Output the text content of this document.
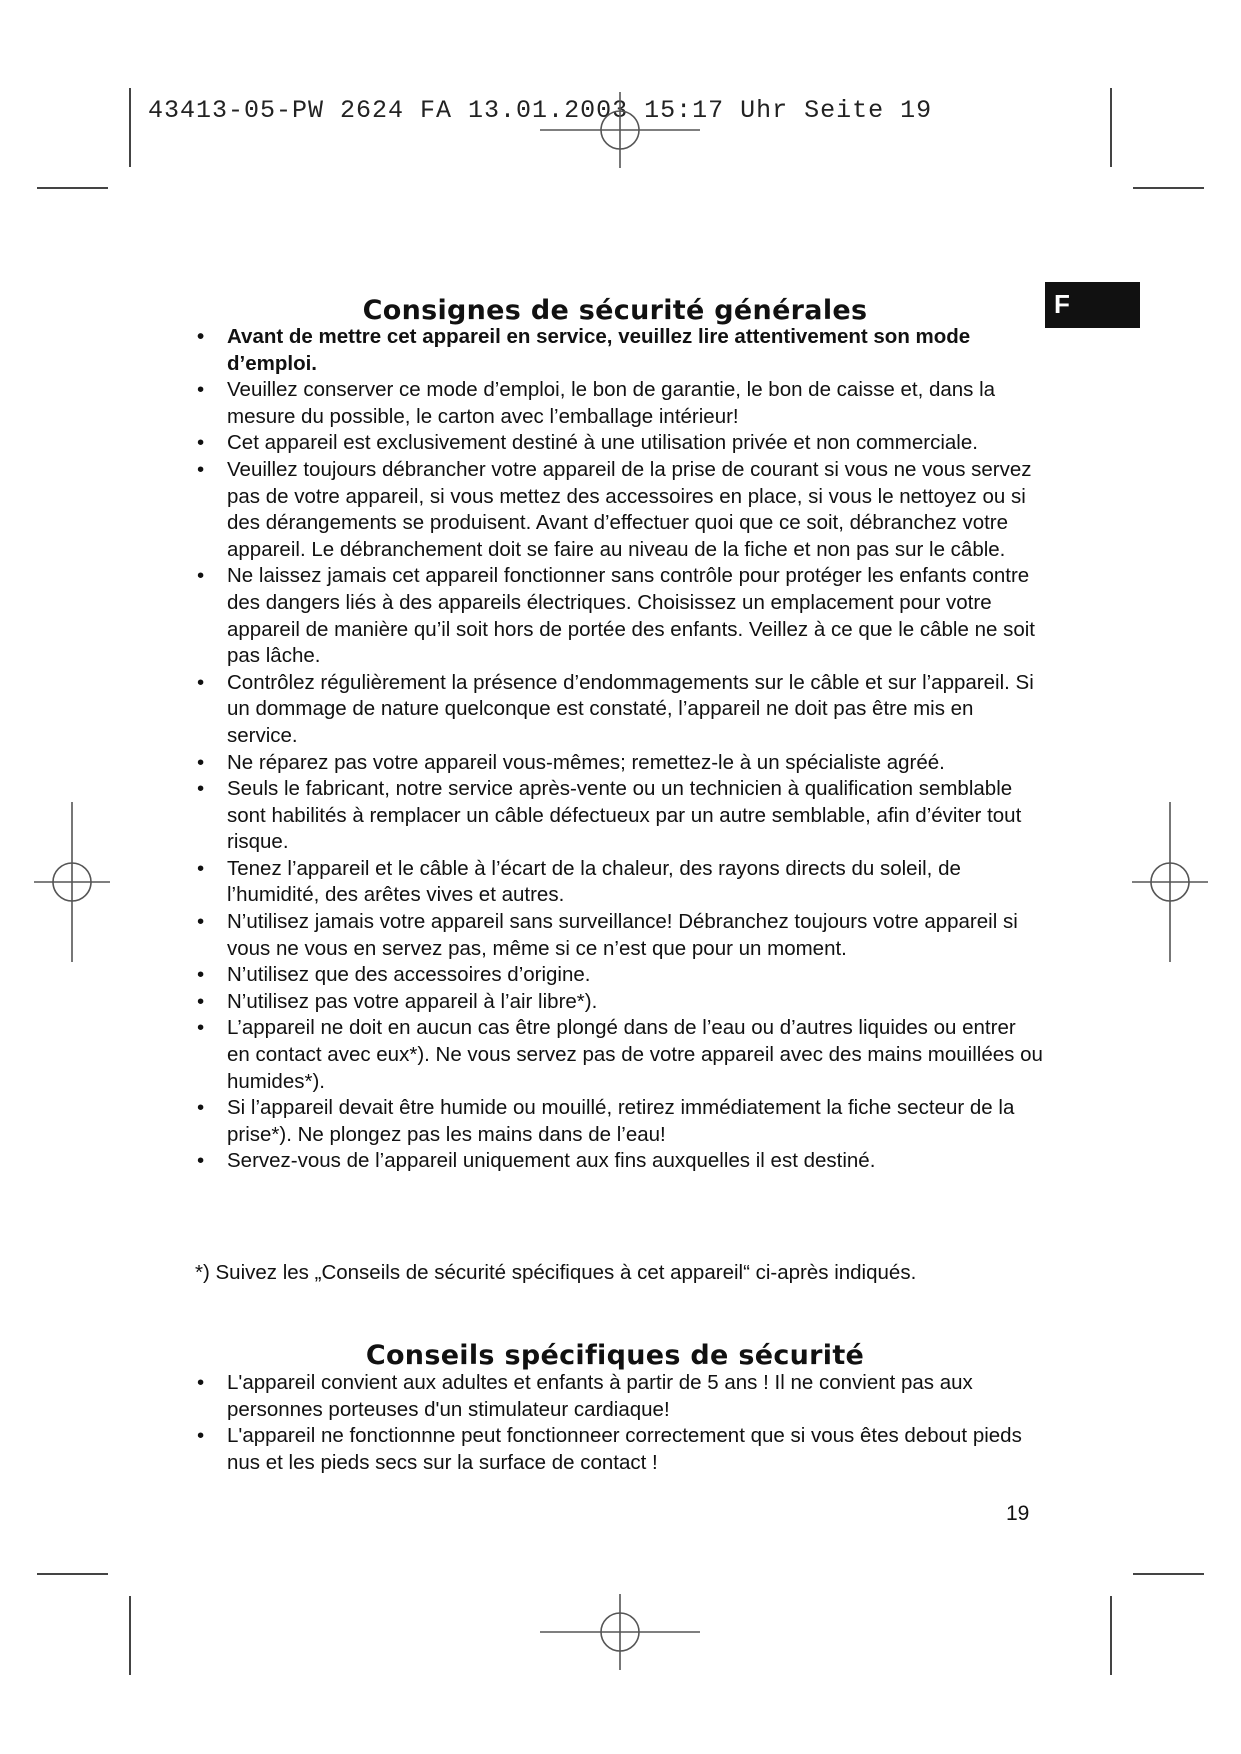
43413-05-PW 2624 FA 13.01.2003 15:17 Uhr Seite 19
F
Consignes de sécurité générales
• Avant de mettre cet appareil en service, veuillez lire attentivement son mode d’emploi.
• Veuillez conserver ce mode d’emploi, le bon de garantie, le bon de caisse et, dans la mesure du possible, le carton avec l’emballage intérieur!
• Cet appareil est exclusivement destiné à une utilisation privée et non commerciale.
• Veuillez toujours débrancher votre appareil de la prise de courant si vous ne vous servez pas de votre appareil, si vous mettez des accessoires en place, si vous le nettoyez ou si des dérangements se produisent. Avant d’effectuer quoi que ce soit, débranchez votre appareil. Le débranchement doit se faire au niveau de la fiche et non pas sur le câble.
• Ne laissez jamais cet appareil fonctionner sans contrôle pour protéger les enfants contre des dangers liés à des appareils électriques. Choisissez un emplacement pour votre appareil de manière qu’il soit hors de portée des enfants. Veillez à ce que le câble ne soit pas lâche.
• Contrôlez régulièrement la présence d’endommagements sur le câble et sur l’appareil. Si un dommage de nature quelconque est constaté, l’appareil ne doit pas être mis en service.
• Ne réparez pas votre appareil vous-mêmes; remettez-le à un spécialiste agréé.
• Seuls le fabricant, notre service après-vente ou un technicien à qualification semblable sont habilités à remplacer un câble défectueux par un autre semblable, afin d’éviter tout risque.
• Tenez l’appareil et le câble à l’écart de la chaleur, des rayons directs du soleil, de l’humidité, des arêtes vives et autres.
• N’utilisez jamais votre appareil sans surveillance! Débranchez toujours votre appareil si vous ne vous en servez pas, même si ce n’est que pour un moment.
• N’utilisez que des accessoires d’origine.
• N’utilisez pas votre appareil à l’air libre*).
• L’appareil ne doit en aucun cas être plongé dans de l’eau ou d’autres liquides ou entrer en contact avec eux*). Ne vous servez pas de votre appareil avec des mains mouillées ou humides*).
• Si l’appareil devait être humide ou mouillé, retirez immédiatement la fiche secteur de la prise*). Ne plongez pas les mains dans de l’eau!
• Servez-vous de l’appareil uniquement aux fins auxquelles il est destiné.

*) Suivez les „Conseils de sécurité spécifiques à cet appareil“ ci-après indiqués.

Conseils spécifiques de sécurité
• L'appareil convient aux adultes et enfants à partir de 5 ans ! Il ne convient pas aux personnes porteuses d'un stimulateur cardiaque!
• L'appareil ne fonctionnne peut fonctionneer correctement que si vous êtes debout pieds nus et les pieds secs sur la surface de contact !
19
